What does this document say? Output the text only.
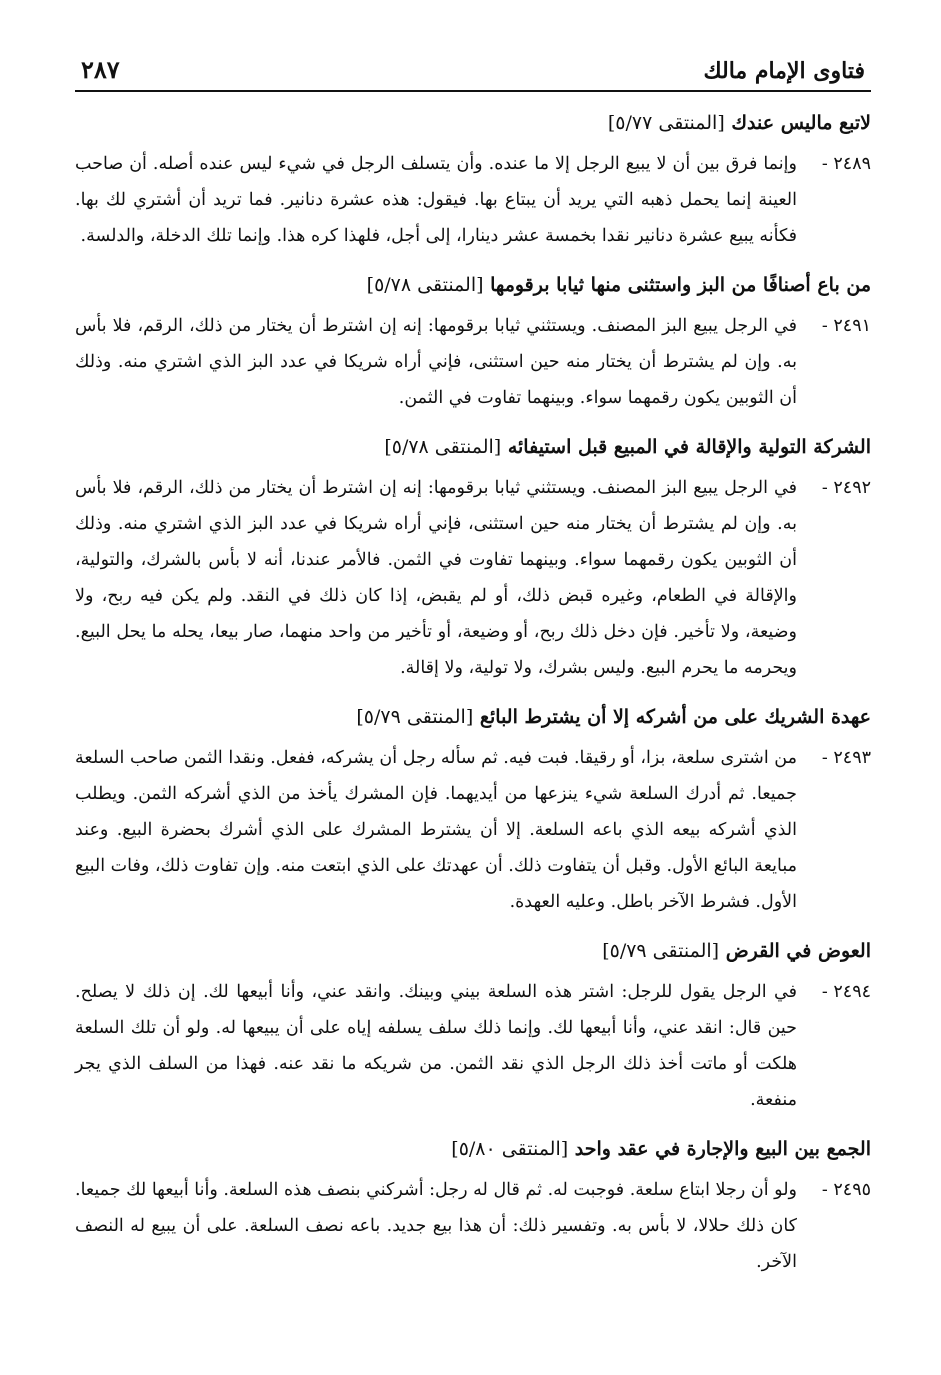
فتاوى الإمام مالك
٢٨٧
لاتبع ماليس عندك [المنتقى ٥/٧٧]
٢٤٨٩ -
وإنما فرق بين أن لا يبيع الرجل إلا ما عنده. وأن يتسلف الرجل في شيء ليس عنده أصله. أن صاحب العينة إنما يحمل ذهبه التي يريد أن يبتاع بها. فيقول: هذه عشرة دنانير. فما تريد أن أشتري لك بها. فكأنه يبيع عشرة دنانير نقدا بخمسة عشر دينارا، إلى أجل، فلهذا كره هذا. وإنما تلك الدخلة، والدلسة.
من باع أصنافًا من البز واستثنى منها ثيابا برقومها [المنتقى ٥/٧٨]
٢٤٩١ -
في الرجل يبيع البز المصنف. ويستثني ثيابا برقومها: إنه إن اشترط أن يختار من ذلك، الرقم، فلا بأس به. وإن لم يشترط أن يختار منه حين استثنى، فإني أراه شريكا في عدد البز الذي اشتري منه. وذلك أن الثوبين يكون رقمهما سواء. وبينهما تفاوت في الثمن.
الشركة التولية والإقالة في المبيع قبل استيفائه [المنتقى ٥/٧٨]
٢٤٩٢ -
في الرجل يبيع البز المصنف. ويستثني ثيابا برقومها: إنه إن اشترط أن يختار من ذلك، الرقم، فلا بأس به. وإن لم يشترط أن يختار منه حين استثنى، فإني أراه شريكا في عدد البز الذي اشتري منه. وذلك أن الثوبين يكون رقمهما سواء. وبينهما تفاوت في الثمن. فالأمر عندنا، أنه لا بأس بالشرك، والتولية، والإقالة في الطعام، وغيره قبض ذلك، أو لم يقبض، إذا كان ذلك في النقد. ولم يكن فيه ربح، ولا وضيعة، ولا تأخير. فإن دخل ذلك ربح، أو وضيعة، أو تأخير من واحد منهما، صار بيعا، يحله ما يحل البيع. ويحرمه ما يحرم البيع. وليس بشرك، ولا تولية، ولا إقالة.
عهدة الشريك على من أشركه إلا أن يشترط البائع [المنتقى ٥/٧٩]
٢٤٩٣ -
من اشترى سلعة، بزا، أو رقيقا. فبت فيه. ثم سأله رجل أن يشركه، ففعل. ونقدا الثمن صاحب السلعة جميعا. ثم أدرك السلعة شيء ينزعها من أيديهما. فإن المشرك يأخذ من الذي أشركه الثمن. ويطلب الذي أشركه بيعه الذي باعه السلعة. إلا أن يشترط المشرك على الذي أشرك بحضرة البيع. وعند مبايعة البائع الأول. وقبل أن يتفاوت ذلك. أن عهدتك على الذي ابتعت منه. وإن تفاوت ذلك، وفات البيع الأول. فشرط الآخر باطل. وعليه العهدة.
العوض في القرض [المنتقى ٥/٧٩]
٢٤٩٤ -
في الرجل يقول للرجل: اشتر هذه السلعة بيني وبينك. وانقد عني، وأنا أبيعها لك. إن ذلك لا يصلح. حين قال: انقد عني، وأنا أبيعها لك. وإنما ذلك سلف يسلفه إياه على أن يبيعها له. ولو أن تلك السلعة هلكت أو ماتت أخذ ذلك الرجل الذي نقد الثمن. من شريكه ما نقد عنه. فهذا من السلف الذي يجر منفعة.
الجمع بين البيع والإجارة في عقد واحد [المنتقى ٥/٨٠]
٢٤٩٥ -
ولو أن رجلا ابتاع سلعة. فوجبت له. ثم قال له رجل: أشركني بنصف هذه السلعة. وأنا أبيعها لك جميعا. كان ذلك حلالا، لا بأس به. وتفسير ذلك: أن هذا بيع جديد. باعه نصف السلعة. على أن يبيع له النصف الآخر.
